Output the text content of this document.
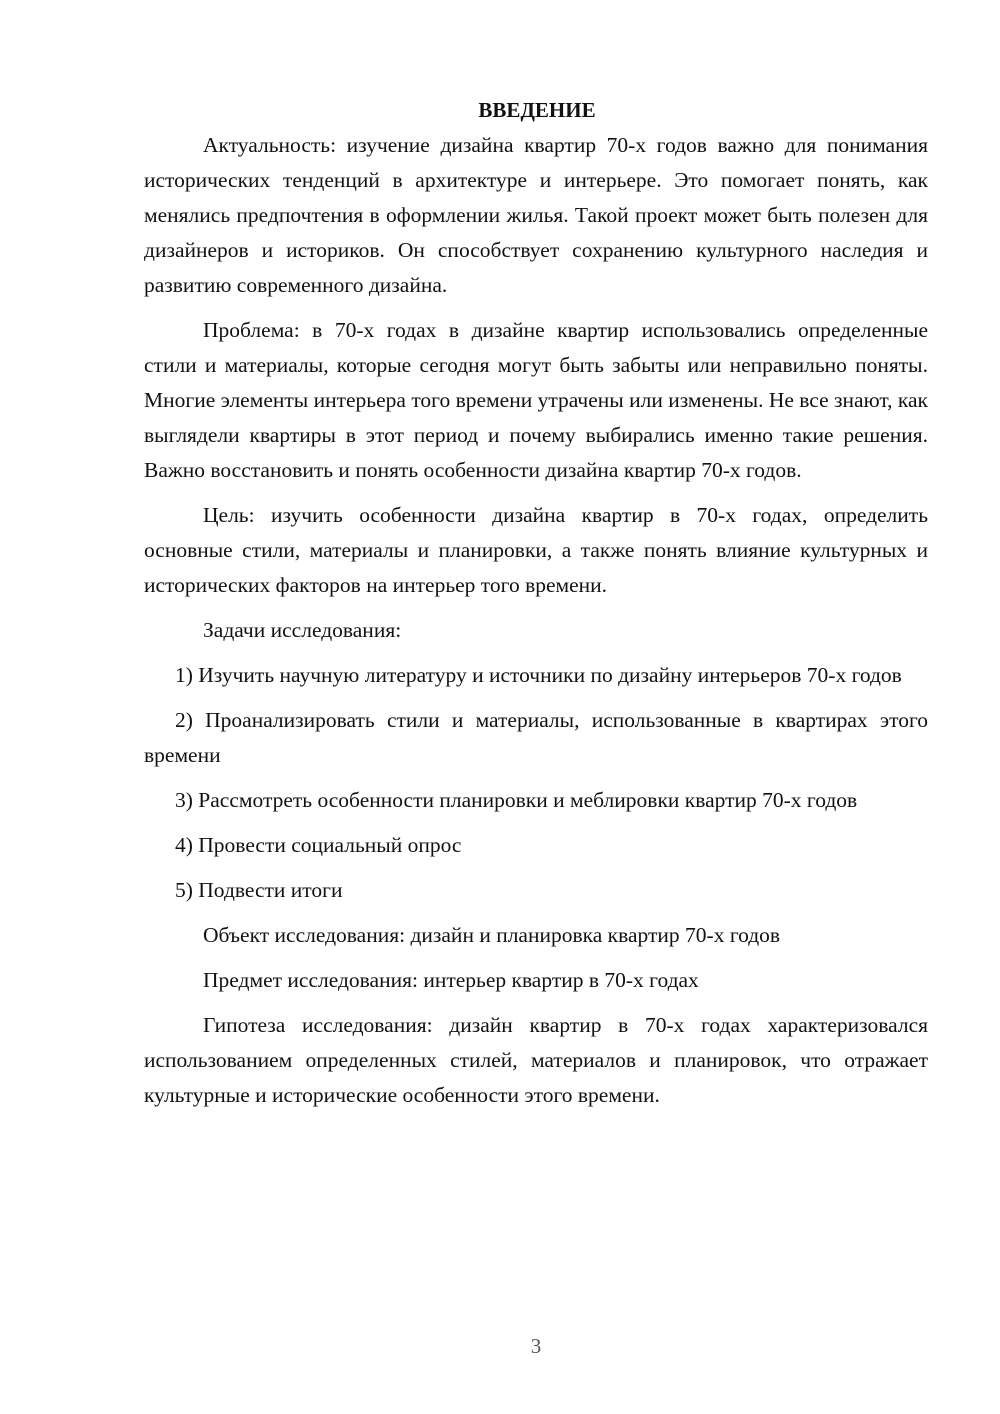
ВВЕДЕНИЕ

Актуальность: изучение дизайна квартир 70-х годов важно для понимания исторических тенденций в архитектуре и интерьере. Это помогает понять, как менялись предпочтения в оформлении жилья. Такой проект может быть полезен для дизайнеров и историков. Он способствует сохранению культурного наследия и развитию современного дизайна.

Проблема: в 70-х годах в дизайне квартир использовались определенные стили и материалы, которые сегодня могут быть забыты или неправильно поняты. Многие элементы интерьера того времени утрачены или изменены. Не все знают, как выглядели квартиры в этот период и почему выбирались именно такие решения. Важно восстановить и понять особенности дизайна квартир 70-х годов.

Цель: изучить особенности дизайна квартир в 70-х годах, определить основные стили, материалы и планировки, а также понять влияние культурных и исторических факторов на интерьер того времени.

Задачи исследования:

1) Изучить научную литературу и источники по дизайну интерьеров 70-х годов

2) Проанализировать стили и материалы, использованные в квартирах этого времени

3) Рассмотреть особенности планировки и меблировки квартир 70-х годов

4) Провести социальный опрос

5) Подвести итоги

Объект исследования: дизайн и планировка квартир 70-х годов

Предмет исследования: интерьер квартир в 70-х годах

Гипотеза исследования: дизайн квартир в 70-х годах характеризовался использованием определенных стилей, материалов и планировок, что отражает культурные и исторические особенности этого времени.

3
